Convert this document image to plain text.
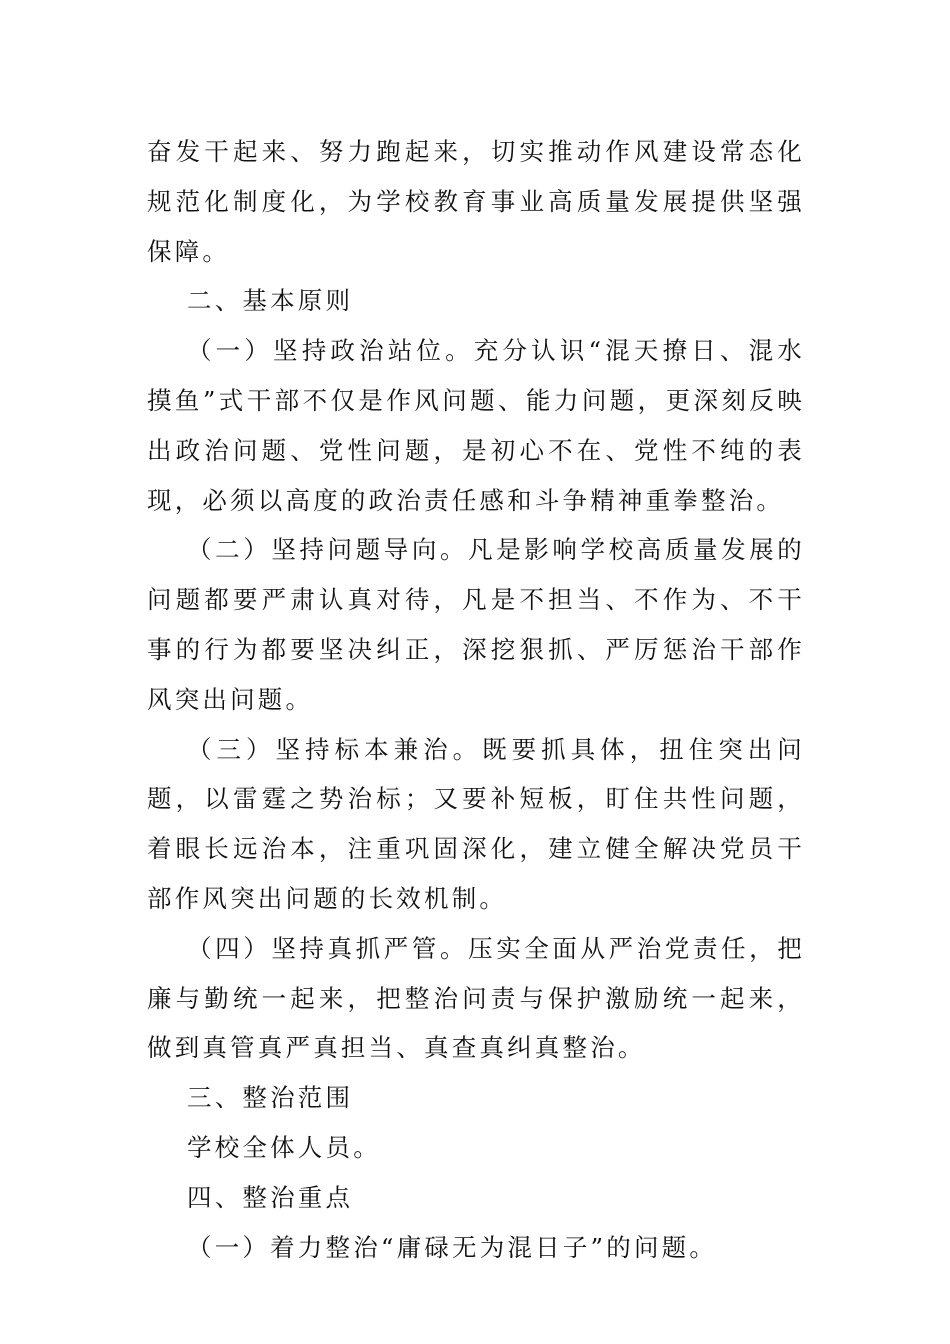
奋发干起来、努力跑起来，切实推动作风建设常态化规范化制度化，为学校教育事业高质量发展提供坚强保障。

二、基本原则

（一）坚持政治站位。充分认识“混天撩日、混水摸鱼”式干部不仅是作风问题、能力问题，更深刻反映出政治问题、党性问题，是初心不在、党性不纯的表现，必须以高度的政治责任感和斗争精神重拳整治。

（二）坚持问题导向。凡是影响学校高质量发展的问题都要严肃认真对待，凡是不担当、不作为、不干事的行为都要坚决纠正，深挖狠抓、严厉惩治干部作风突出问题。

（三）坚持标本兼治。既要抓具体，扭住突出问题，以雷霆之势治标；又要补短板，盯住共性问题，着眼长远治本，注重巩固深化，建立健全解决党员干部作风突出问题的长效机制。

（四）坚持真抓严管。压实全面从严治党责任，把廉与勤统一起来，把整治问责与保护激励统一起来，做到真管真严真担当、真查真纠真整治。

三、整治范围

学校全体人员。

四、整治重点

（一）着力整治“庸碌无为混日子”的问题。
